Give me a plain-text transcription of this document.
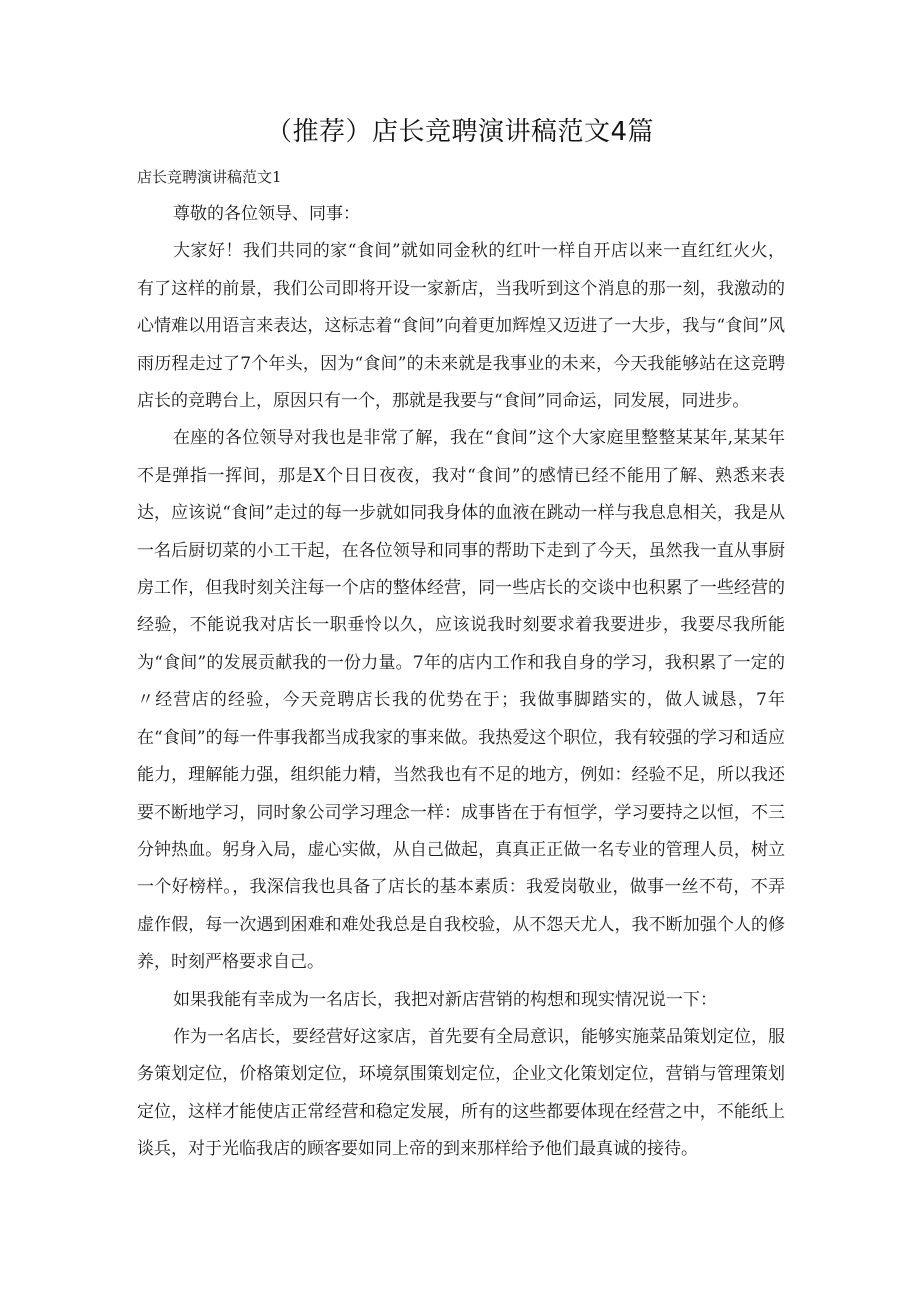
（推荐）店长竞聘演讲稿范文4篇
店长竞聘演讲稿范文1

尊敬的各位领导、同事：

大家好！我们共同的家“食间”就如同金秋的红叶一样自开店以来一直红红火火，有了这样的前景，我们公司即将开设一家新店，当我听到这个消息的那一刻，我激动的心情难以用语言来表达，这标志着“食间”向着更加辉煌又迈进了一大步，我与“食间”风雨历程走过了7个年头，因为“食间”的未来就是我事业的未来，今天我能够站在这竞聘店长的竞聘台上，原因只有一个，那就是我要与“食间”同命运，同发展，同进步。

在座的各位领导对我也是非常了解，我在“食间”这个大家庭里整整某某年,某某年不是弹指一挥间，那是X个日日夜夜，我对“食间”的感情已经不能用了解、熟悉来表达，应该说“食间”走过的每一步就如同我身体的血液在跳动一样与我息息相关，我是从一名后厨切菜的小工干起，在各位领导和同事的帮助下走到了今天，虽然我一直从事厨房工作，但我时刻关注每一个店的整体经营，同一些店长的交谈中也积累了一些经营的经验，不能说我对店长一职垂怜以久，应该说我时刻要求着我要进步，我要尽我所能为“食间”的发展贡献我的一份力量。7年的店内工作和我自身的学习，我积累了一定的〃经营店的经验，今天竞聘店长我的优势在于；我做事脚踏实的，做人诚恳，7年在“食间”的每一件事我都当成我家的事来做。我热爱这个职位，我有较强的学习和适应能力，理解能力强，组织能力精，当然我也有不足的地方，例如：经验不足，所以我还要不断地学习，同时象公司学习理念一样：成事皆在于有恒学，学习要持之以恒，不三分钟热血。躬身入局，虚心实做，从自己做起，真真正正做一名专业的管理人员，树立一个好榜样。，我深信我也具备了店长的基本素质：我爱岗敬业，做事一丝不苟，不弄虚作假，每一次遇到困难和难处我总是自我校验，从不怨天尤人，我不断加强个人的修养，时刻严格要求自己。

如果我能有幸成为一名店长，我把对新店营销的构想和现实情况说一下：

作为一名店长，要经营好这家店，首先要有全局意识，能够实施菜品策划定位，服务策划定位，价格策划定位，环境氛围策划定位，企业文化策划定位，营销与管理策划定位，这样才能使店正常经营和稳定发展，所有的这些都要体现在经营之中，不能纸上谈兵，对于光临我店的顾客要如同上帝的到来那样给予他们最真诚的接待。
